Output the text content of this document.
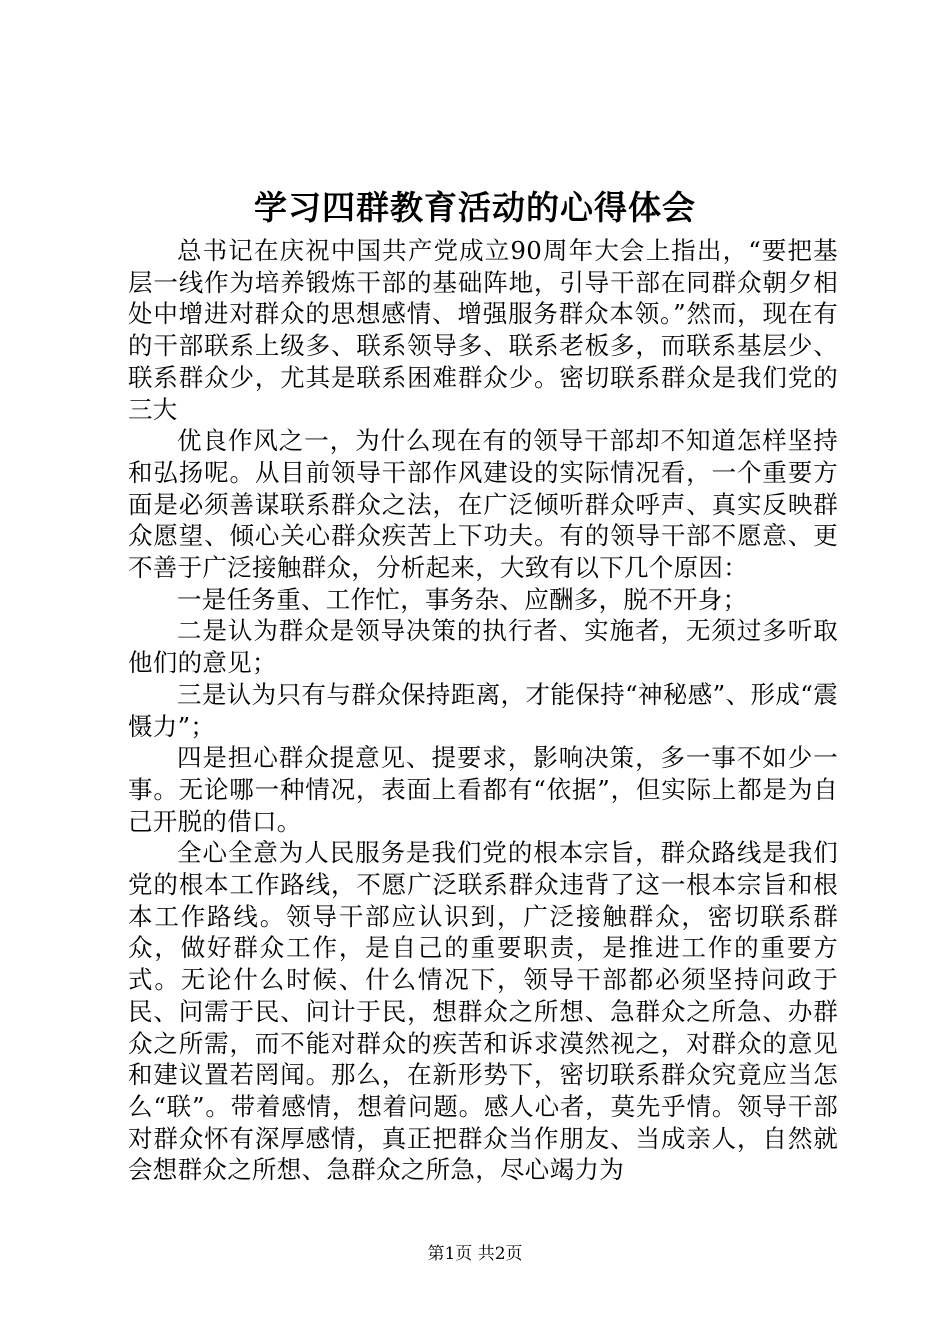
学习四群教育活动的心得体会

总书记在庆祝中国共产党成立90周年大会上指出，“要把基层一线作为培养锻炼干部的基础阵地，引导干部在同群众朝夕相处中增进对群众的思想感情、增强服务群众本领。”然而，现在有的干部联系上级多、联系领导多、联系老板多，而联系基层少、联系群众少，尤其是联系困难群众少。密切联系群众是我们党的三大

优良作风之一，为什么现在有的领导干部却不知道怎样坚持和弘扬呢。从目前领导干部作风建设的实际情况看，一个重要方面是必须善谋联系群众之法，在广泛倾听群众呼声、真实反映群众愿望、倾心关心群众疾苦上下功夫。有的领导干部不愿意、更不善于广泛接触群众，分析起来，大致有以下几个原因：

一是任务重、工作忙，事务杂、应酬多，脱不开身；

二是认为群众是领导决策的执行者、实施者，无须过多听取他们的意见；

三是认为只有与群众保持距离，才能保持“神秘感”、形成“震慑力”；

四是担心群众提意见、提要求，影响决策，多一事不如少一事。无论哪一种情况，表面上看都有“依据”，但实际上都是为自己开脱的借口。

全心全意为人民服务是我们党的根本宗旨，群众路线是我们党的根本工作路线，不愿广泛联系群众违背了这一根本宗旨和根本工作路线。领导干部应认识到，广泛接触群众，密切联系群众，做好群众工作，是自己的重要职责，是推进工作的重要方式。无论什么时候、什么情况下，领导干部都必须坚持问政于民、问需于民、问计于民，想群众之所想、急群众之所急、办群众之所需，而不能对群众的疾苦和诉求漠然视之，对群众的意见和建议置若罔闻。那么，在新形势下，密切联系群众究竟应当怎么“联”。带着感情，想着问题。感人心者，莫先乎情。领导干部对群众怀有深厚感情，真正把群众当作朋友、当成亲人，自然就会想群众之所想、急群众之所急，尽心竭力为

第1页 共2页
